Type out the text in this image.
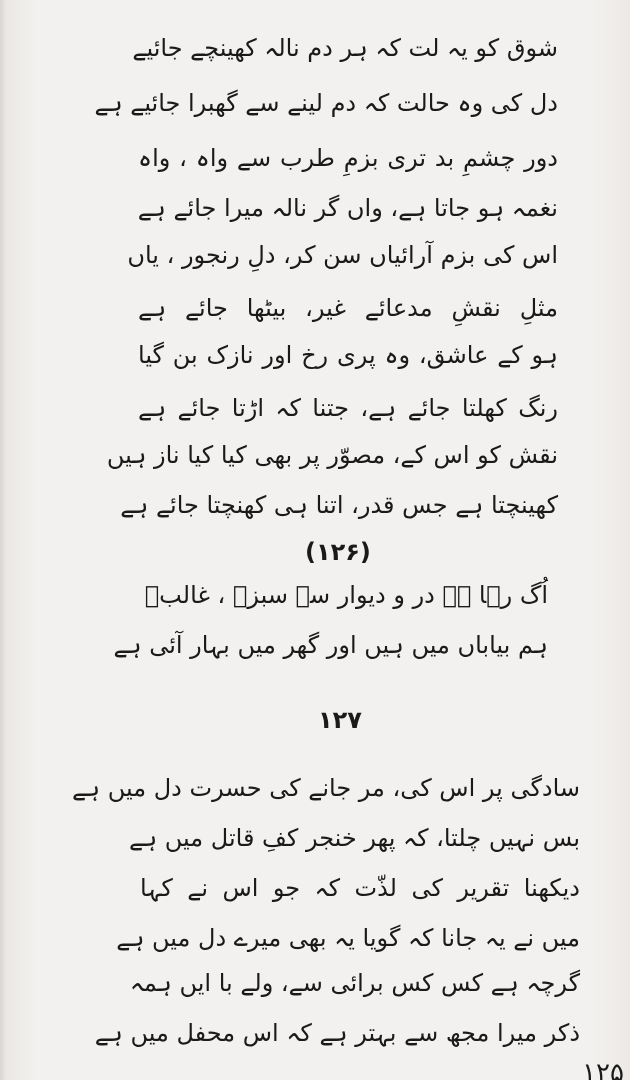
شوق کو یہ لت کہ ہر دم نالہ کھینچے جائیے
دل کی وہ حالت کہ دم لینے سے گھبرا جائیے ہے
دور چشمِ بد تری بزمِ طرب سے واہ ، واہ
نغمہ ہو جاتا ہے، واں گر نالہ میرا جائے ہے
اس کی بزم آرائیاں سن کر، دلِ رنجور ، یاں
مثلِ نقشِ مدعائے غیر، بیٹھا جائے ہے
ہو کے عاشق، وہ پری رخ اور نازک بن گیا
رنگ کھلتا جائے ہے، جتنا کہ اڑتا جائے ہے
نقش کو اس کے، مصوّر پر بھی کیا کیا ناز ہیں
کھینچتا ہے جس قدر، اتنا ہی کھنچتا جائے ہے
(۱۲۶)
اُگ رہا ہے در و دیوار سے سبزہ ، غالبؔ
ہم بیاباں میں ہیں اور گھر میں بہار آئی ہے
۱۲۷
سادگی پر اس کی، مر جانے کی حسرت دل میں ہے
بس نہیں چلتا، کہ پھر خنجر کفِ قاتل میں ہے
دیکھنا تقریر کی لذّت کہ جو اس نے کہا
میں نے یہ جانا کہ گویا یہ بھی میرے دل میں ہے
گرچہ ہے کس کس برائی سے، ولے با ایں ہمہ
ذکر میرا مجھ سے بہتر ہے کہ اس محفل میں ہے
۱۲۵
